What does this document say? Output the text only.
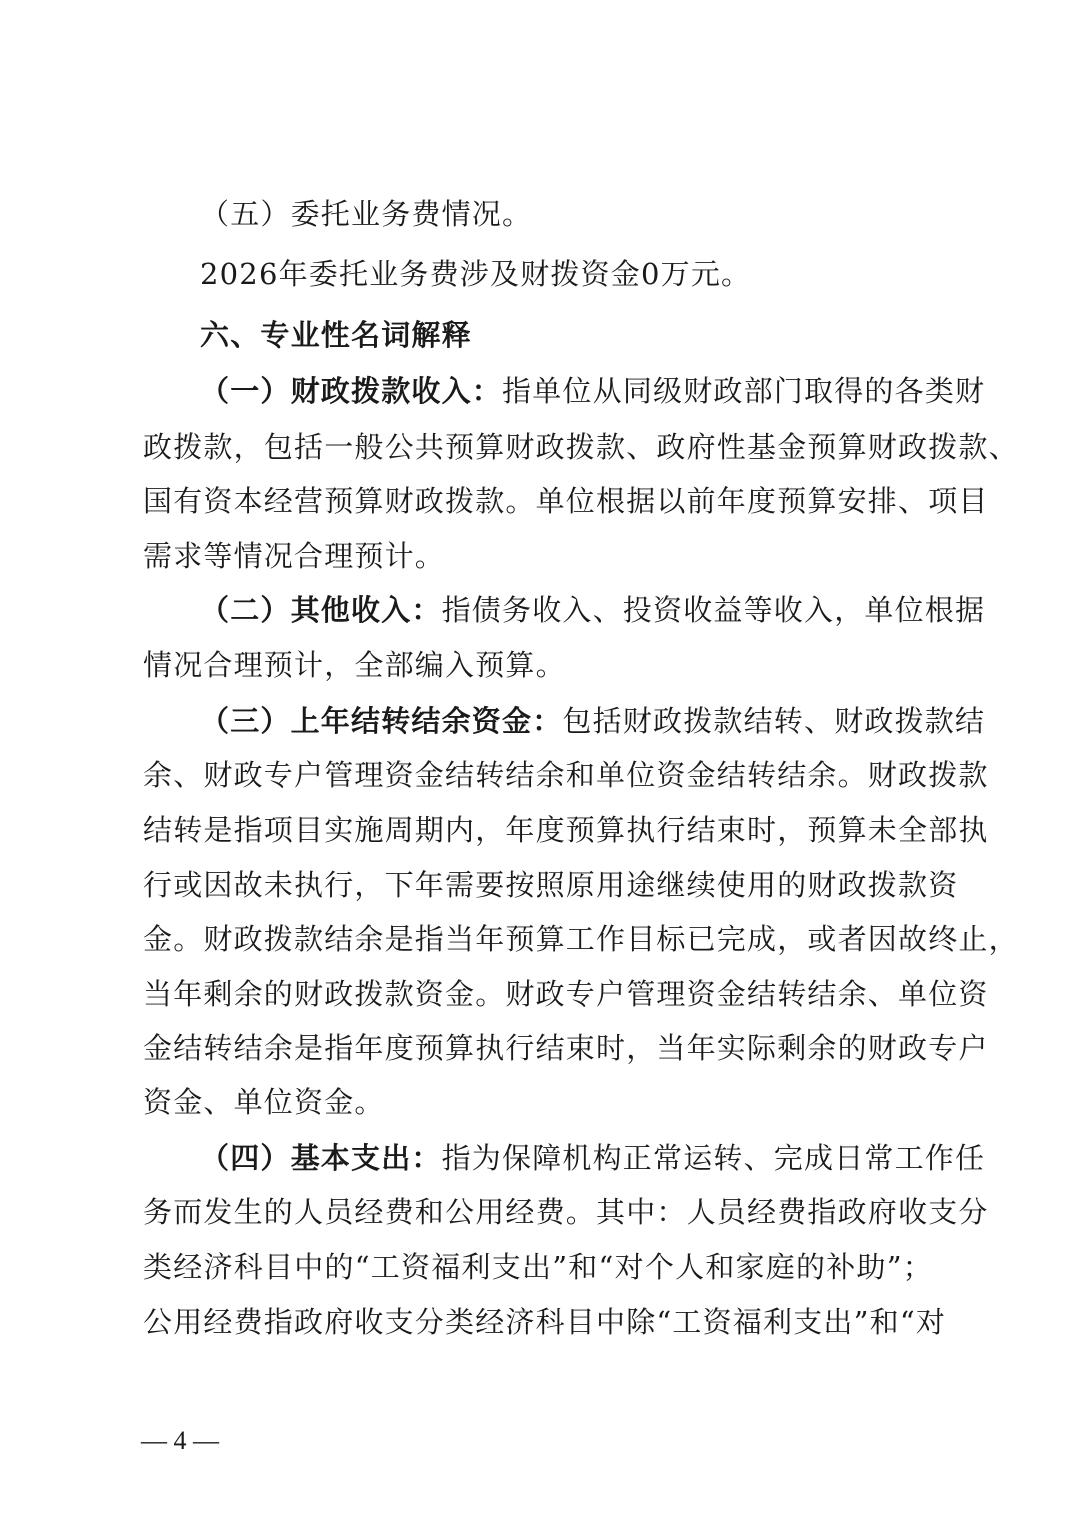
（五）委托业务费情况。
2026年委托业务费涉及财拨资金0万元。
六、专业性名词解释
（一）财政拨款收入：指单位从同级财政部门取得的各类财
政拨款，包括一般公共预算财政拨款、政府性基金预算财政拨款、
国有资本经营预算财政拨款。单位根据以前年度预算安排、项目
需求等情况合理预计。
（二）其他收入：指债务收入、投资收益等收入，单位根据
情况合理预计，全部编入预算。
（三）上年结转结余资金：包括财政拨款结转、财政拨款结
余、财政专户管理资金结转结余和单位资金结转结余。财政拨款
结转是指项目实施周期内，年度预算执行结束时，预算未全部执
行或因故未执行，下年需要按照原用途继续使用的财政拨款资
金。财政拨款结余是指当年预算工作目标已完成，或者因故终止，
当年剩余的财政拨款资金。财政专户管理资金结转结余、单位资
金结转结余是指年度预算执行结束时，当年实际剩余的财政专户
资金、单位资金。
（四）基本支出：指为保障机构正常运转、完成日常工作任
务而发生的人员经费和公用经费。其中：人员经费指政府收支分
类经济科目中的“工资福利支出”和“对个人和家庭的补助”；
公用经费指政府收支分类经济科目中除“工资福利支出”和“对
— 4 —
